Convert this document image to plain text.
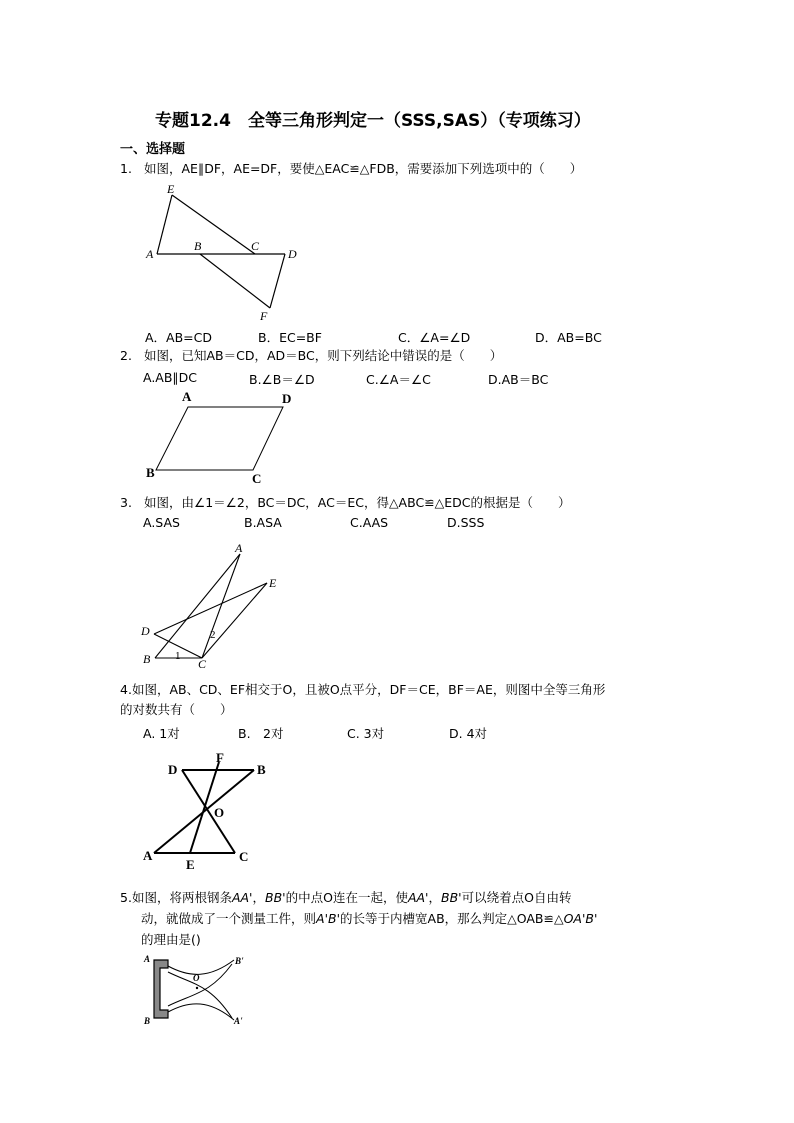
专题12.4　全等三角形判定一（SSS,SAS）（专项练习）
一、选择题
1. 如图，AE∥DF，AE=DF，要使△EAC≌△FDB，需要添加下列选项中的（　　）
E
A
B	C
D
F
A．AB=CD	B．EC=BF	C．∠A=∠D	D．AB=BC
2. 如图，已知AB＝CD，AD＝BC，则下列结论中错误的是（　　）
A.AB∥DC	B.∠B＝∠D	C.∠A＝∠C	D.AB＝BC
A	D
B	C
3. 如图，由∠1＝∠2，BC＝DC，AC＝EC，得△ABC≌△EDC的根据是（　　）
A.SAS	B.ASA	C.AAS	D.SSS
A
E
D
B	C
1
2
4.如图，AB、CD、EF相交于O，且被O点平分，DF＝CE，BF＝AE，则图中全等三角形
的对数共有（　　）
A. 1对	B.　2对	C. 3对	D. 4对
D
F
B
O
A
E
C
5.如图，将两根钢条AA'，BB'的中点O连在一起，使AA'，BB'可以绕着点O自由转
动，就做成了一个测量工件，则A'B'的长等于内槽宽AB，那么判定△OAB≌△OA'B'
的理由是()
A
B
O
B'
A'
